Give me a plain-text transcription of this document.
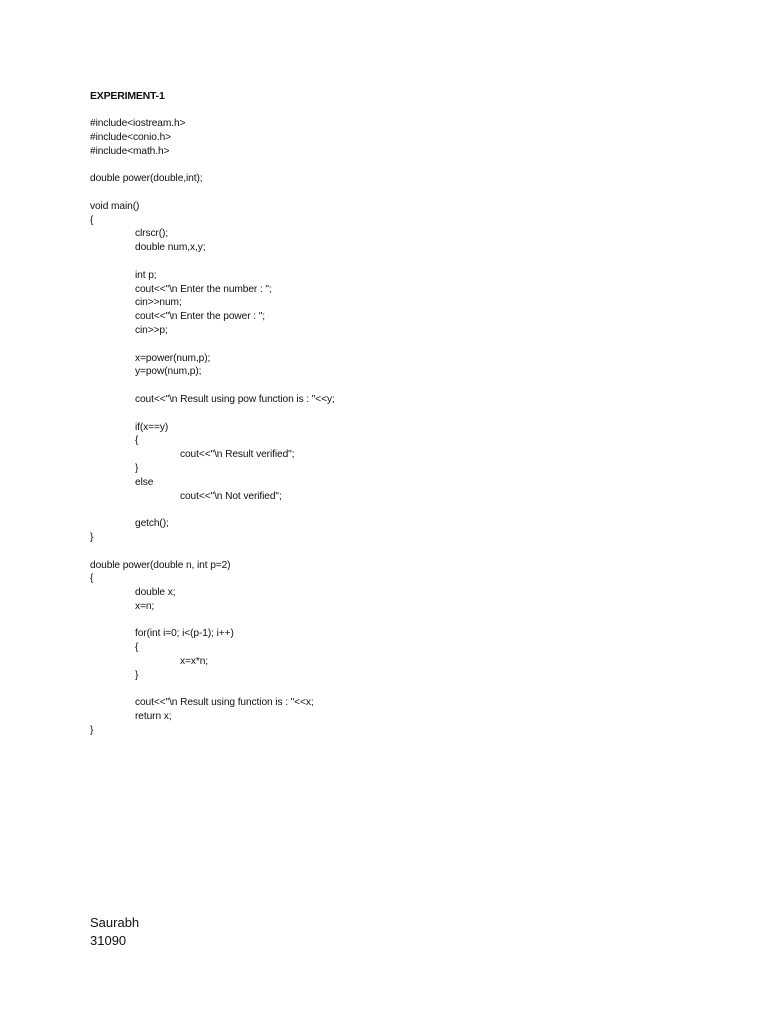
EXPERIMENT-1
#include<iostream.h>
#include<conio.h>
#include<math.h>
double power(double,int);
void main()
{
clrscr();
double num,x,y;
int p;
cout<<"\n Enter the number : ";
cin>>num;
cout<<"\n Enter the power : ";
cin>>p;
x=power(num,p);
y=pow(num,p);
cout<<"\n Result using pow function is : "<<y;
if(x==y)
{
cout<<"\n Result verified";
}
else
cout<<"\n Not verified";
getch();
}
double power(double n, int p=2)
{
double x;
x=n;
for(int i=0; i<(p-1); i++)
{
x=x*n;
}
cout<<"\n Result using function is : "<<x;
return x;
}
Saurabh
31090
